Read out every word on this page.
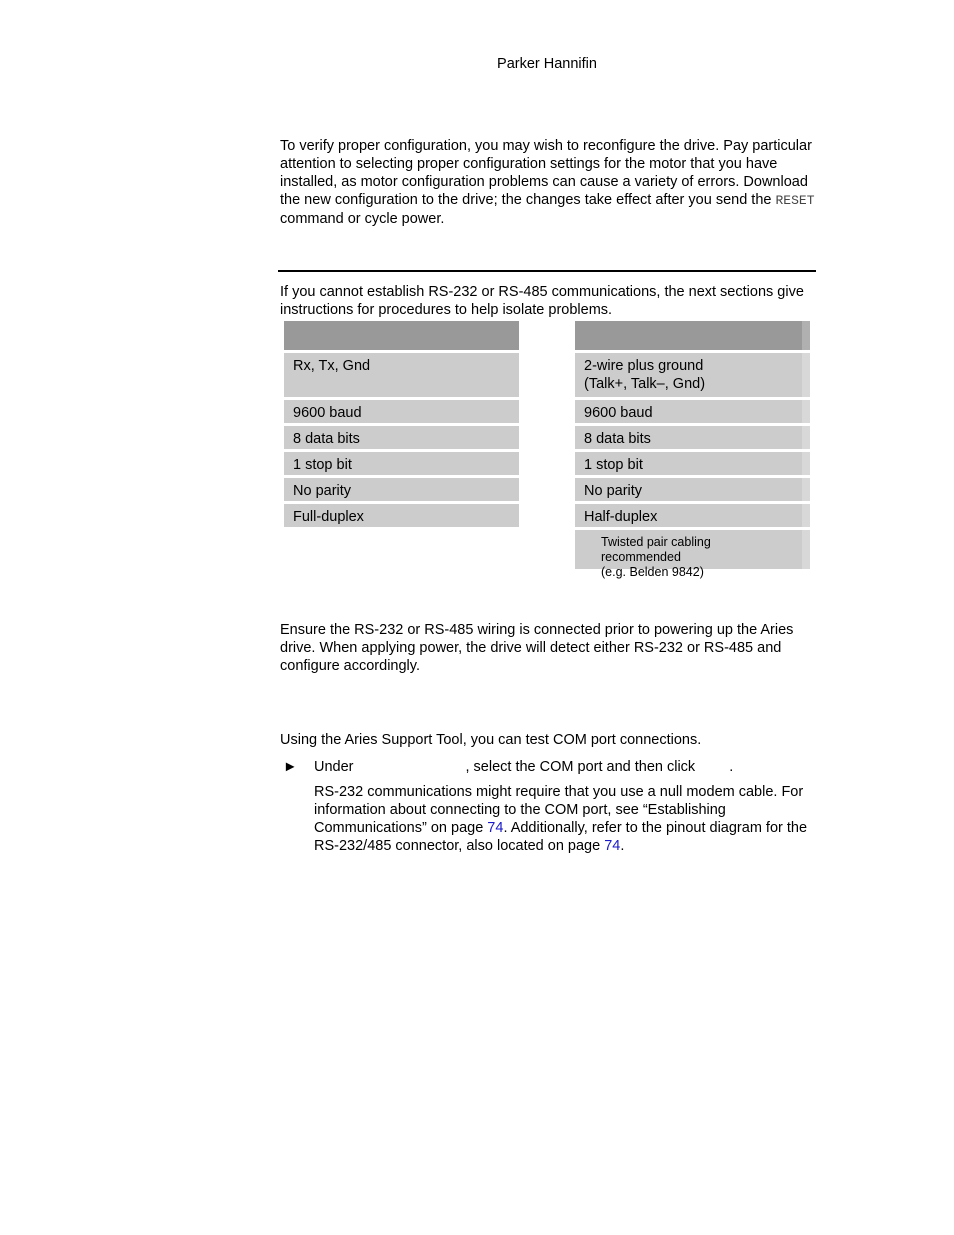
Parker Hannifin
To verify proper configuration, you may wish to reconfigure the drive. Pay particular attention to selecting proper configuration settings for the motor that you have installed, as motor configuration problems can cause a variety of errors. Download the new configuration to the drive; the changes take effect after you send the RESET command or cycle power.
If you cannot establish RS-232 or RS-485 communications, the next sections give instructions for procedures to help isolate problems.
Rx, Tx, Gnd
9600 baud
8 data bits
1 stop bit
No parity
Full-duplex
2-wire plus ground
(Talk+, Talk–, Gnd)
9600 baud
8 data bits
1 stop bit
No parity
Half-duplex
Twisted pair cabling recommended
(e.g. Belden 9842)
Ensure the RS-232 or RS-485 wiring is connected prior to powering up the Aries drive. When applying power, the drive will detect either RS-232 or RS-485 and configure accordingly.
Using the Aries Support Tool, you can test COM port connections.
► Under	, select the COM port and then click .
RS-232 communications might require that you use a null modem cable. For information about connecting to the COM port, see “Establishing Communications” on page 74. Additionally, refer to the pinout diagram for the RS-232/485 connector, also located on page 74.
